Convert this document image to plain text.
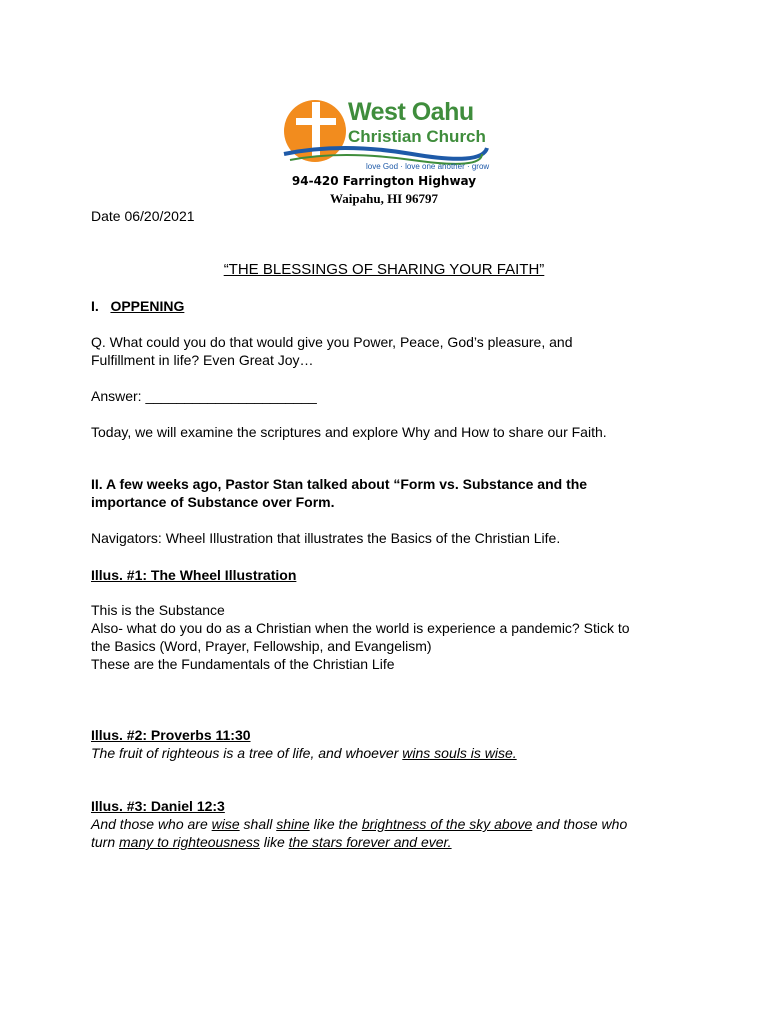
West Oahu
Christian Church
love God · love one another · grow
94-420 Farrington Highway
Waipahu, HI 96797
Date 06/20/2021
“THE BLESSINGS OF SHARING YOUR FAITH”
I. OPPENING
Q. What could you do that would give you Power, Peace, God’s pleasure, and
Fulfillment in life? Even Great Joy…
Answer: ______________________
Today, we will examine the scriptures and explore Why and How to share our Faith.
II. A few weeks ago, Pastor Stan talked about “Form vs. Substance and the
importance of Substance over Form.
Navigators: Wheel Illustration that illustrates the Basics of the Christian Life.
Illus. #1: The Wheel Illustration
This is the Substance
Also- what do you do as a Christian when the world is experience a pandemic? Stick to
the Basics (Word, Prayer, Fellowship, and Evangelism)
These are the Fundamentals of the Christian Life
Illus. #2: Proverbs 11:30
The fruit of righteous is a tree of life, and whoever wins souls is wise.
Illus. #3: Daniel 12:3
And those who are wise shall shine like the brightness of the sky above and those who
turn many to righteousness like the stars forever and ever.
